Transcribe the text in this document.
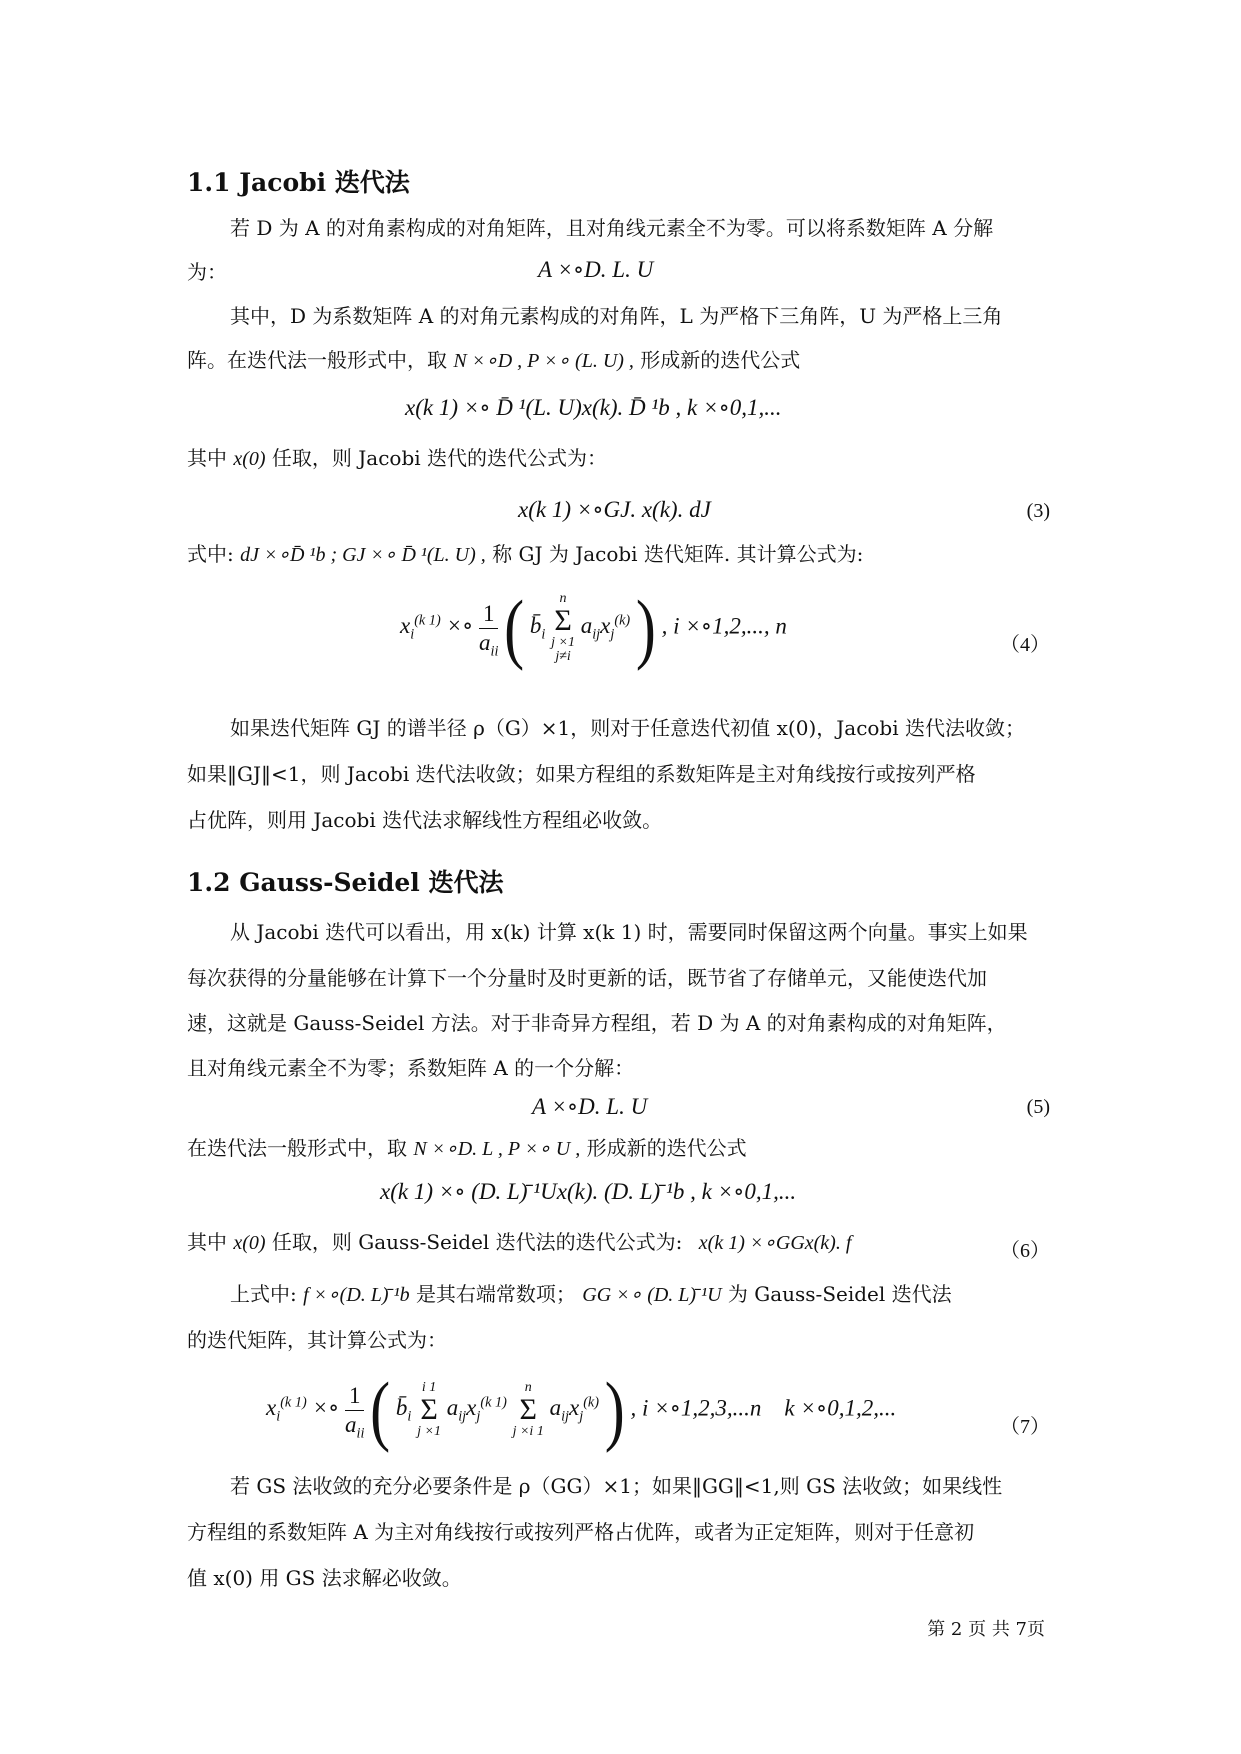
1.1 Jacobi 迭代法
若 D 为 A 的对角素构成的对角矩阵，且对角线元素全不为零。可以将系数矩阵 A 分解
为：	A ×∘D. L. U
其中，D 为系数矩阵 A 的对角元素构成的对角阵，L 为严格下三角阵，U 为严格上三角
阵。在迭代法一般形式中，取 N ×∘D , P ×∘ (L. U) , 形成新的迭代公式
x(k 1) ×∘ D̄ ¹(L. U)x(k). D̄ ¹b , k ×∘0,1,...
其中 x(0) 任取，则 Jacobi 迭代的迭代公式为：
x(k 1) ×∘GJ. x(k). dJ	(3)
式中: dJ ×∘D̄ ¹b ; GJ ×∘ D̄ ¹(L. U) , 称 GJ 为 Jacobi 迭代矩阵. 其计算公式为:
$x_i^{(k 1)}$ ×∘ 1
$a_{ii}$ ( $b̄_i$
n
Σ
j ×1
j≠i
$a_{ij}x_j^{(k)}$ ) , i ×∘1,2,..., n
（4）
如果迭代矩阵 GJ 的谱半径 ρ（G）×1，则对于任意迭代初值 x(0)，Jacobi 迭代法收敛；
如果‖GJ‖<1，则 Jacobi 迭代法收敛；如果方程组的系数矩阵是主对角线按行或按列严格
占优阵，则用 Jacobi 迭代法求解线性方程组必收敛。
1.2 Gauss-Seidel 迭代法
从 Jacobi 迭代可以看出，用 x(k) 计算 x(k 1) 时，需要同时保留这两个向量。事实上如果
每次获得的分量能够在计算下一个分量时及时更新的话，既节省了存储单元，又能使迭代加
速，这就是 Gauss-Seidel 方法。对于非奇异方程组，若 D 为 A 的对角素构成的对角矩阵，
且对角线元素全不为零；系数矩阵 A 的一个分解：
A ×∘D. L. U	(5)
在迭代法一般形式中，取 N ×∘D. L , P ×∘ U , 形成新的迭代公式
x(k 1) ×∘ (D. L)̄ ¹Ux(k). (D. L)̄ ¹b , k ×∘0,1,...
其中 x(0) 任取，则 Gauss-Seidel 迭代法的迭代公式为: x(k 1) ×∘GGx(k). f	（6）
上式中: f ×∘(D. L)̄ ¹b 是其右端常数项； GG ×∘ (D. L)̄ ¹U 为 Gauss-Seidel 迭代法
的迭代矩阵，其计算公式为：
$x_i^{(k 1)}$ ×∘ 1
$a_{ii}$ ( $b̄_i$
i 1
Σ
j ×1
$a_{ij}x_j^{(k 1)}$
n
Σ
j ×i 1
$a_{ij}x_j^{(k)}$ ) , i ×∘1,2,3,...n    k ×∘0,1,2,...
（7）
若 GS 法收敛的充分必要条件是 ρ（GG）×1；如果‖GG‖<1,则 GS 法收敛；如果线性
方程组的系数矩阵 A 为主对角线按行或按列严格占优阵，或者为正定矩阵，则对于任意初
值 x(0) 用 GS 法求解必收敛。
第 2 页 共 7页
